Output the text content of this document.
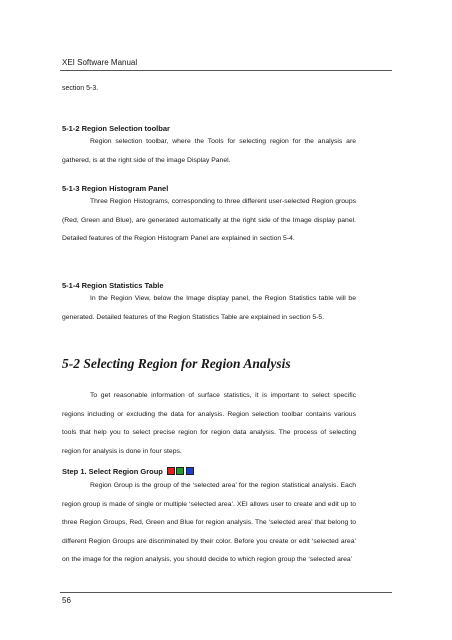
XEI Software Manual
section 5-3.
5-1-2 Region Selection toolbar
Region selection toolbar, where the Tools for selecting region for the analysis are gathered, is at the right side of the image Display Panel.
5-1-3 Region Histogram Panel
Three Region Histograms, corresponding to three different user-selected Region groups (Red, Green and Blue), are generated automatically at the right side of the Image display panel. Detailed features of the Region Histogram Panel are explained in section 5-4.
5-1-4 Region Statistics Table
In the Region View, below the Image display panel, the Region Statistics table will be generated. Detailed features of the Region Statistics Table are explained in section 5-5.
5-2 Selecting Region for Region Analysis
To get reasonable information of surface statistics, it is important to select specific regions including or excluding the data for analysis. Region selection toolbar contains various tools that help you to select precise region for region data analysis. The process of selecting region for analysis is done in four steps.
Step 1. Select Region Group
Region Group is the group of the ‘selected area’ for the region statistical analysis. Each region group is made of single or multiple ‘selected area’. XEI allows user to create and edit up to three Region Groups, Red, Green and Blue for region analysis. The ‘selected area’ that belong to different Region Groups are discriminated by their color. Before you create or edit ‘selected area’ on the image for the region analysis, you should decide to which region group the ‘selected area’
56
